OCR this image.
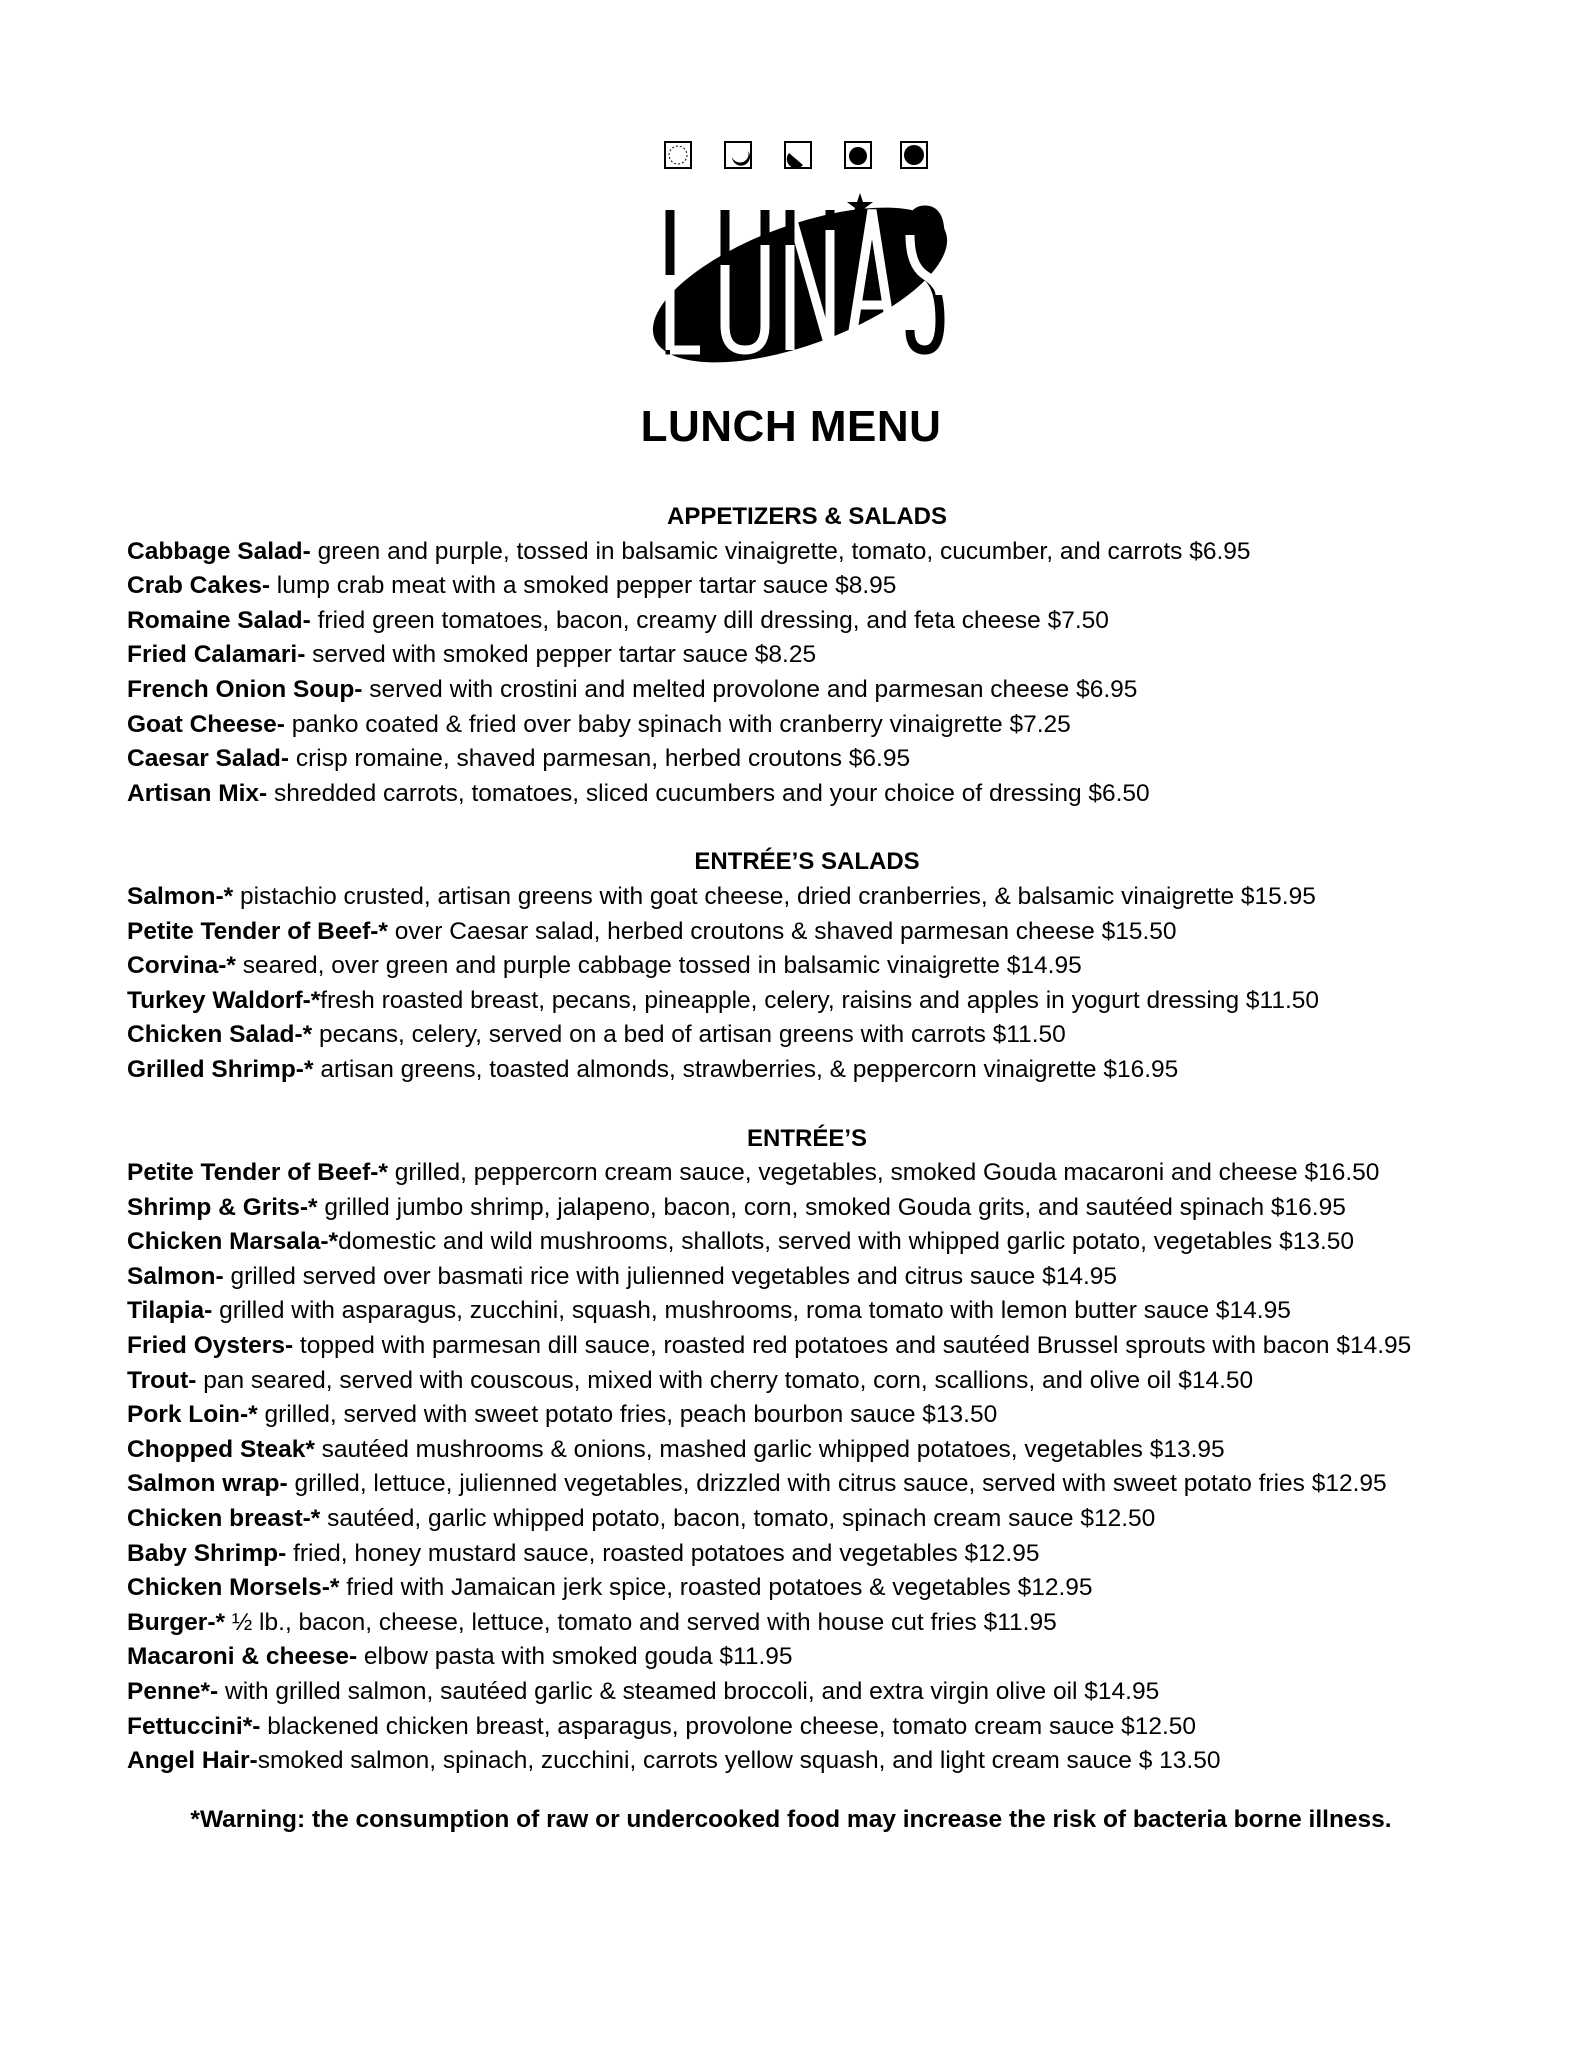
LUNCH MENU
APPETIZERS & SALADS
Cabbage Salad- green and purple, tossed in balsamic vinaigrette, tomato, cucumber, and carrots $6.95
Crab Cakes- lump crab meat with a smoked pepper tartar sauce $8.95
Romaine Salad- fried green tomatoes, bacon, creamy dill dressing, and feta cheese $7.50
Fried Calamari- served with smoked pepper tartar sauce $8.25
French Onion Soup- served with crostini and melted provolone and parmesan cheese $6.95
Goat Cheese- panko coated & fried over baby spinach with cranberry vinaigrette $7.25
Caesar Salad- crisp romaine, shaved parmesan, herbed croutons $6.95
Artisan Mix- shredded carrots, tomatoes, sliced cucumbers and your choice of dressing $6.50
ENTRÉE’S SALADS
Salmon-* pistachio crusted, artisan greens with goat cheese, dried cranberries, & balsamic vinaigrette $15.95
Petite Tender of Beef-* over Caesar salad, herbed croutons & shaved parmesan cheese $15.50
Corvina-* seared, over green and purple cabbage tossed in balsamic vinaigrette $14.95
Turkey Waldorf-*fresh roasted breast, pecans, pineapple, celery, raisins and apples in yogurt dressing $11.50
Chicken Salad-* pecans, celery, served on a bed of artisan greens with carrots $11.50
Grilled Shrimp-* artisan greens, toasted almonds, strawberries, & peppercorn vinaigrette $16.95
ENTRÉE’S
Petite Tender of Beef-* grilled, peppercorn cream sauce, vegetables, smoked Gouda macaroni and cheese $16.50
Shrimp & Grits-* grilled jumbo shrimp, jalapeno, bacon, corn, smoked Gouda grits, and sautéed spinach $16.95
Chicken Marsala-*domestic and wild mushrooms, shallots, served with whipped garlic potato, vegetables $13.50
Salmon- grilled served over basmati rice with julienned vegetables and citrus sauce $14.95
Tilapia- grilled with asparagus, zucchini, squash, mushrooms, roma tomato with lemon butter sauce $14.95
Fried Oysters- topped with parmesan dill sauce, roasted red potatoes and sautéed Brussel sprouts with bacon $14.95
Trout- pan seared, served with couscous, mixed with cherry tomato, corn, scallions, and olive oil $14.50
Pork Loin-* grilled, served with sweet potato fries, peach bourbon sauce $13.50
Chopped Steak* sautéed mushrooms & onions, mashed garlic whipped potatoes, vegetables $13.95
Salmon wrap- grilled, lettuce, julienned vegetables, drizzled with citrus sauce, served with sweet potato fries $12.95
Chicken breast-* sautéed, garlic whipped potato, bacon, tomato, spinach cream sauce $12.50
Baby Shrimp- fried, honey mustard sauce, roasted potatoes and vegetables $12.95
Chicken Morsels-* fried with Jamaican jerk spice, roasted potatoes & vegetables $12.95
Burger-* ½ lb., bacon, cheese, lettuce, tomato and served with house cut fries $11.95
Macaroni & cheese- elbow pasta with smoked gouda $11.95
Penne*- with grilled salmon, sautéed garlic & steamed broccoli, and extra virgin olive oil $14.95
Fettuccini*- blackened chicken breast, asparagus, provolone cheese, tomato cream sauce $12.50
Angel Hair-smoked salmon, spinach, zucchini, carrots yellow squash, and light cream sauce $ 13.50
*Warning: the consumption of raw or undercooked food may increase the risk of bacteria borne illness.
